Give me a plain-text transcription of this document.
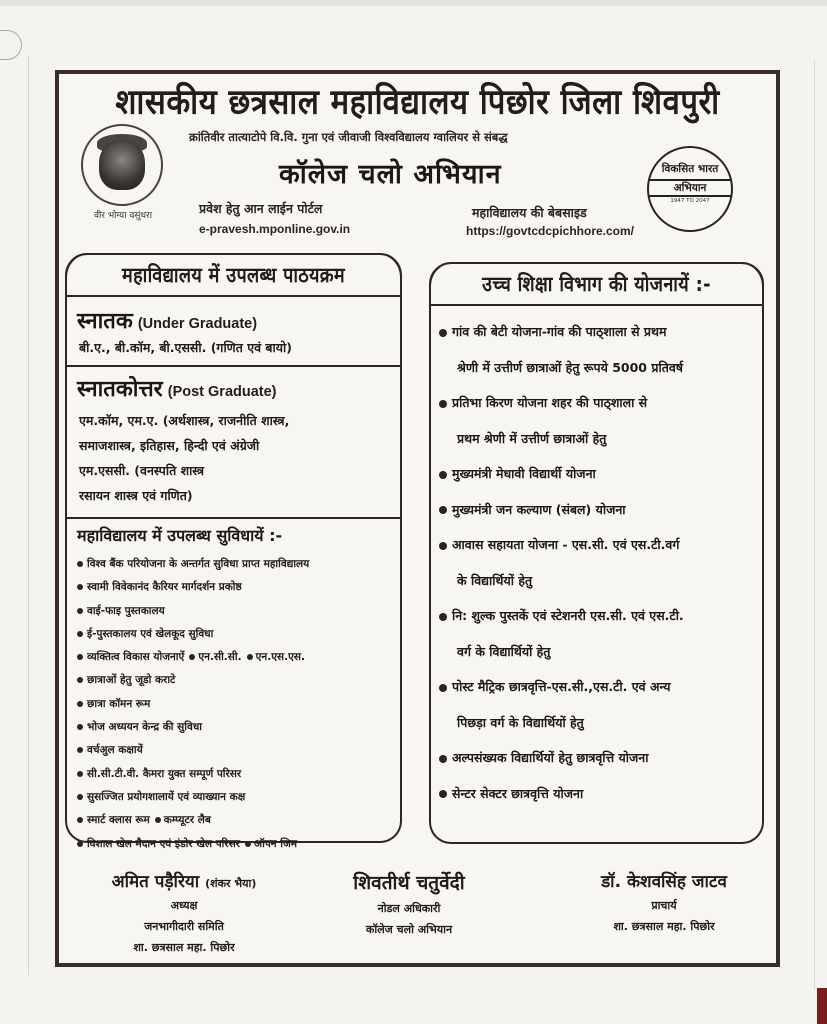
शासकीय छत्रसाल महाविद्यालय पिछोर जिला शिवपुरी
क्रांतिवीर तात्याटोपे वि.वि. गुना एवं जीवाजी विश्वविद्यालय ग्वालियर से संबद्ध
वीर भोग्या वसुंधरा
कॉलेज चलो अभियान
प्रवेश हेतु आन लाईन पोर्टल
e-pravesh.mponline.gov.in
महाविद्यालय की बेबसाइड
https://govtcdcpichhore.com/
विकसित भारत
अभियान
1947 TO 2047
महाविद्यालय में उपलब्ध पाठयक्रम
स्नातक (Under Graduate)
बी.ए., बी.कॉम, बी.एससी. (गणित एवं बायो)
स्नातकोत्तर (Post Graduate)
एम.कॉम, एम.ए. (अर्थशास्त्र, राजनीति शास्त्र,
समाजशास्त्र, इतिहास, हिन्दी एवं अंग्रेजी
एम.एससी. (वनस्पति शास्त्र
रसायन शास्त्र एवं गणित)
महाविद्यालय में उपलब्ध सुविधायें :-
विश्व बैंक परियोजना के अन्तर्गत सुविधा प्राप्त महाविद्यालय
स्वामी विवेकानंद कैरियर मार्गदर्शन प्रकोष्ठ
वाई-फाइ पुस्तकालय
ई-पुस्तकालय एवं खेलकूद सुविधा
व्यक्तित्व विकास योजनाऐं एन.सी.सी. एन.एस.एस.
छात्राओं हेतु जूडो कराटे
छात्रा कॉमन रूम
भोज अध्ययन केन्द्र की सुविधा
वर्चअुल कक्षायें
सी.सी.टी.वी. कैमरा युक्त सम्पूर्ण परिसर
सुसज्जित प्रयोगशालायें एवं व्याख्यान कक्ष
स्मार्ट क्लास रूम कम्प्यूटर लैब
विशाल खेल मैदान एवं इंडोर खेल परिसर ऑपन जिम
उच्च शिक्षा विभाग की योजनायें :-
गांव की बेटी योजना-गांव की पाठ्शाला से प्रथम
श्रेणी में उत्तीर्ण छात्राओं हेतु रूपये 5000 प्रतिवर्ष
प्रतिभा किरण योजना शहर की पाठ्शाला से
प्रथम श्रेणी में उत्तीर्ण छात्राओं हेतु
मुख्यमंत्री मेधावी विद्यार्थी योजना
मुख्यमंत्री जन कल्याण (संबल) योजना
आवास सहायता योजना - एस.सी. एवं एस.टी.वर्ग
के विद्यार्थियों हेतु
नि: शुल्क पुस्तकें एवं स्टेशनरी एस.सी. एवं एस.टी.
वर्ग के विद्यार्थियों हेतु
पोस्ट मैट्रिक छात्रवृत्ति-एस.सी.,एस.टी. एवं अन्य
पिछड़ा वर्ग के विद्यार्थियों हेतु
अल्पसंख्यक विद्यार्थियों हेतु छात्रवृत्ति योजना
सेन्टर सेक्टर छात्रवृत्ति योजना
अमित पड़ैरिया (शंकर भैया)
अध्यक्ष
जनभागीदारी समिति
शा. छत्रसाल महा. पिछोर
शिवतीर्थ चतुर्वेदी
नोडल अधिकारी
कॉलेज चलो अभियान
डॉ. केशवसिंह जाटव
प्राचार्य
शा. छत्रसाल महा. पिछोर
